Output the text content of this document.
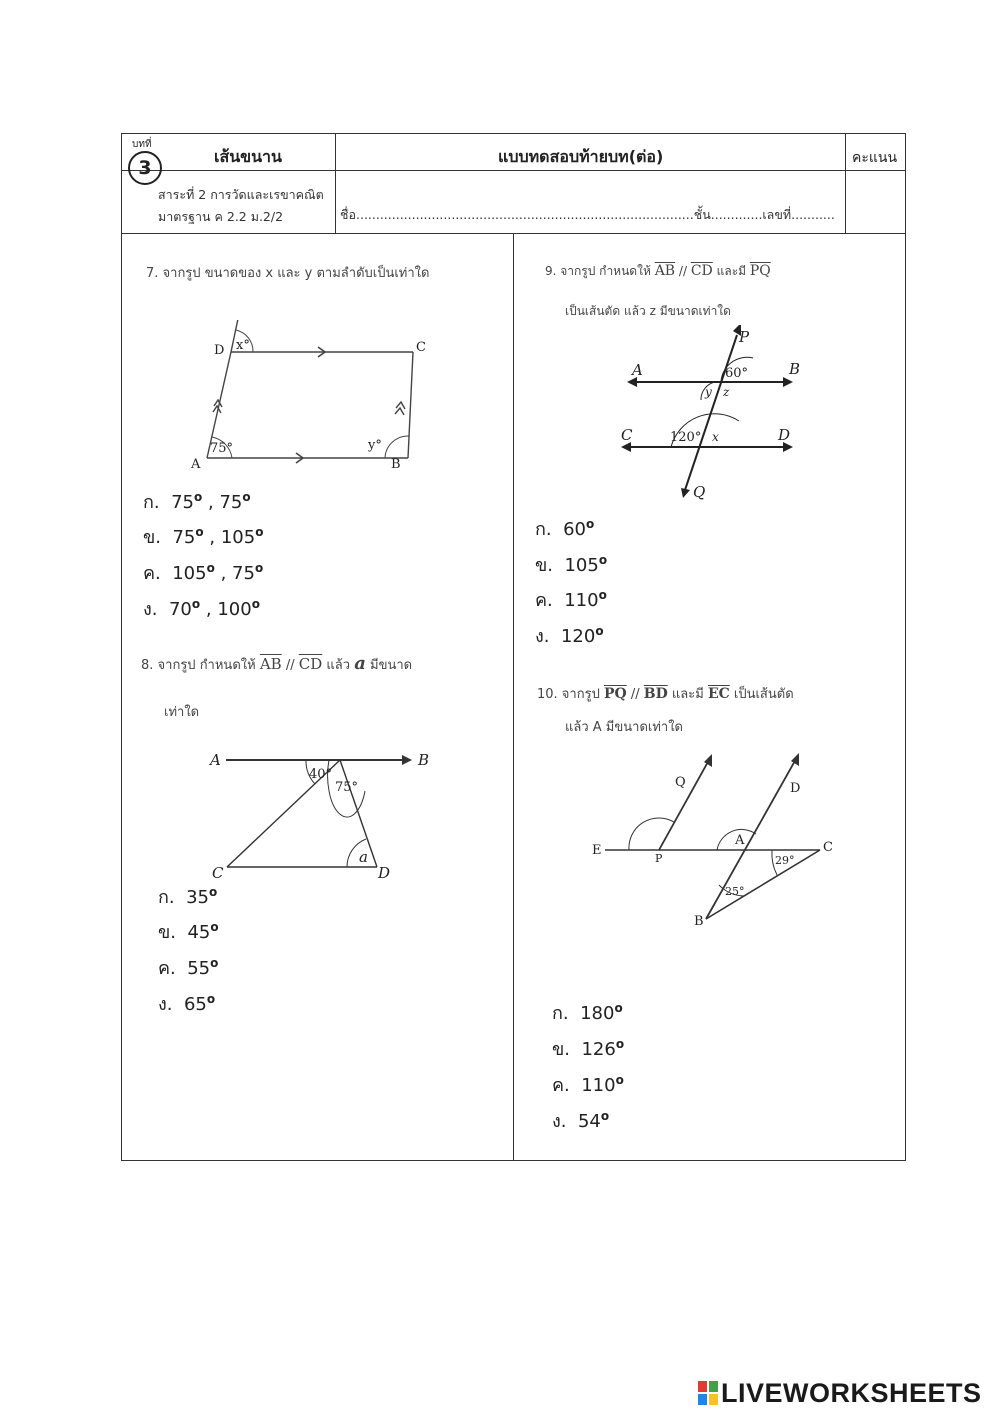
บทที่
3
เส้นขนาน	แบบทดสอบท้ายบท(ต่อ)	คะแนน
สาระที่ 2 การวัดและเรขาคณิต
มาตรฐาน ค 2.2 ม.2/2	ชื่อ.....................................................................................ชั้น.............เลขที่...........
7. จากรูป ขนาดของ x และ y ตามลำดับเป็นเท่าใด
A	B
C
D x°
y°
75°
ก. 75$^o$ , 75$^o$
ข. 75$^o$ , 105$^o$
ค. 105$^o$ , 75$^o$
ง. 70$^o$ , 100$^o$
8. จากรูป กำหนดให้ $\overline{AB} // \overline{CD}$ แล้ว a มีขนาด
เท่าใด
A	B
C	D
40°
75°
a
ก. 35$^o$
ข. 45$^o$
ค. 55$^o$
ง. 65$^o$
9. จากรูป กำหนดให้ $\overline{AB} // \overline{CD}$ และมี $\overline{PQ}$
เป็นเส้นตัด แล้ว z มีขนาดเท่าใด
A	B
C	D
P
Q
60°
y z
120° x
ก. 60$^o$
ข. 105$^o$
ค. 110$^o$
ง. 120$^o$
10. จากรูป $\overline{PQ} // \overline{BD}$ และมี $\overline{EC}$ เป็นเส้นตัด
แล้ว A มีขนาดเท่าใด
Q	D
E
P
A	C
B
29°
25°
ก. 180$^o$
ข. 126$^o$
ค. 110$^o$
ง. 54$^o$
LIVEWORKSHEETS
